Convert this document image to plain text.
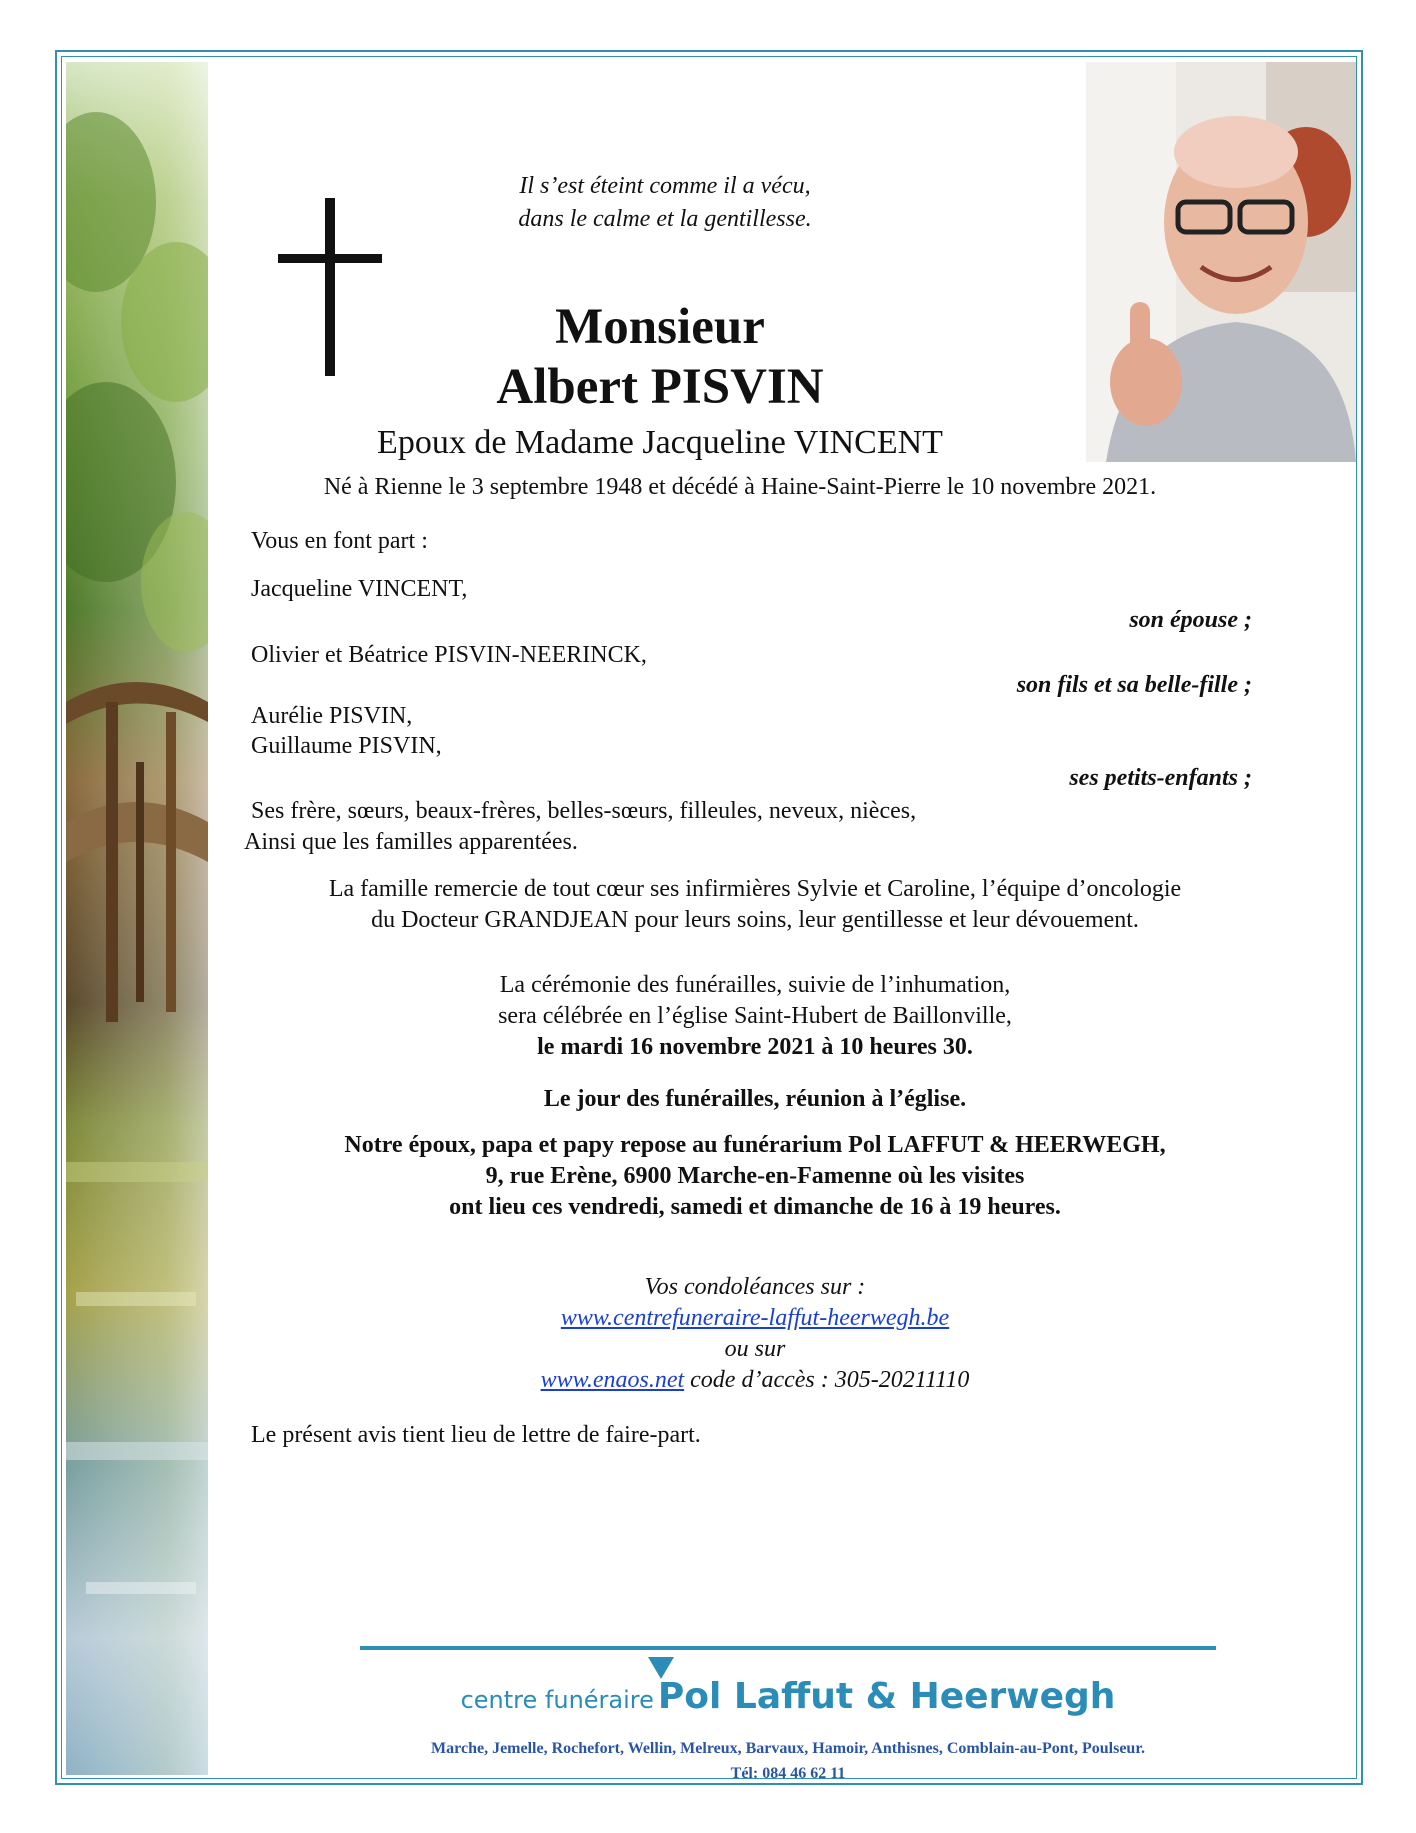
Il s’est éteint comme il a vécu,
dans le calme et la gentillesse.
Monsieur
Albert PISVIN
Epoux de Madame Jacqueline VINCENT
Né à Rienne le 3 septembre 1948 et décédé à Haine-Saint-Pierre le 10 novembre 2021.
Vous en font part :
Jacqueline VINCENT,
son épouse ;
Olivier et Béatrice PISVIN-NEERINCK,
son fils et sa belle-fille ;
Aurélie PISVIN,
Guillaume PISVIN,
ses petits-enfants ;
Ses frère, sœurs, beaux-frères, belles-sœurs, filleules, neveux, nièces,
Ainsi que les familles apparentées.
La famille remercie de tout cœur ses infirmières Sylvie et Caroline, l’équipe d’oncologie
du Docteur GRANDJEAN pour leurs soins, leur gentillesse et leur dévouement.
La cérémonie des funérailles, suivie de l’inhumation,
sera célébrée en l’église Saint-Hubert de Baillonville,
le mardi 16 novembre 2021 à 10 heures 30.
Le jour des funérailles, réunion à l’église.
Notre époux, papa et papy repose au funérarium Pol LAFFUT & HEERWEGH,
9, rue Erène, 6900 Marche-en-Famenne où les visites
ont lieu ces vendredi, samedi et dimanche de 16 à 19 heures.
Vos condoléances sur :
www.centrefuneraire-laffut-heerwegh.be
ou sur
www.enaos.net code d’accès : 305-20211110
Le présent avis tient lieu de lettre de faire-part.
centre funéraire Pol Laffut & Heerwegh
Marche, Jemelle, Rochefort, Wellin, Melreux, Barvaux, Hamoir, Anthisnes, Comblain-au-Pont, Poulseur.
Tél: 084 46 62 11
